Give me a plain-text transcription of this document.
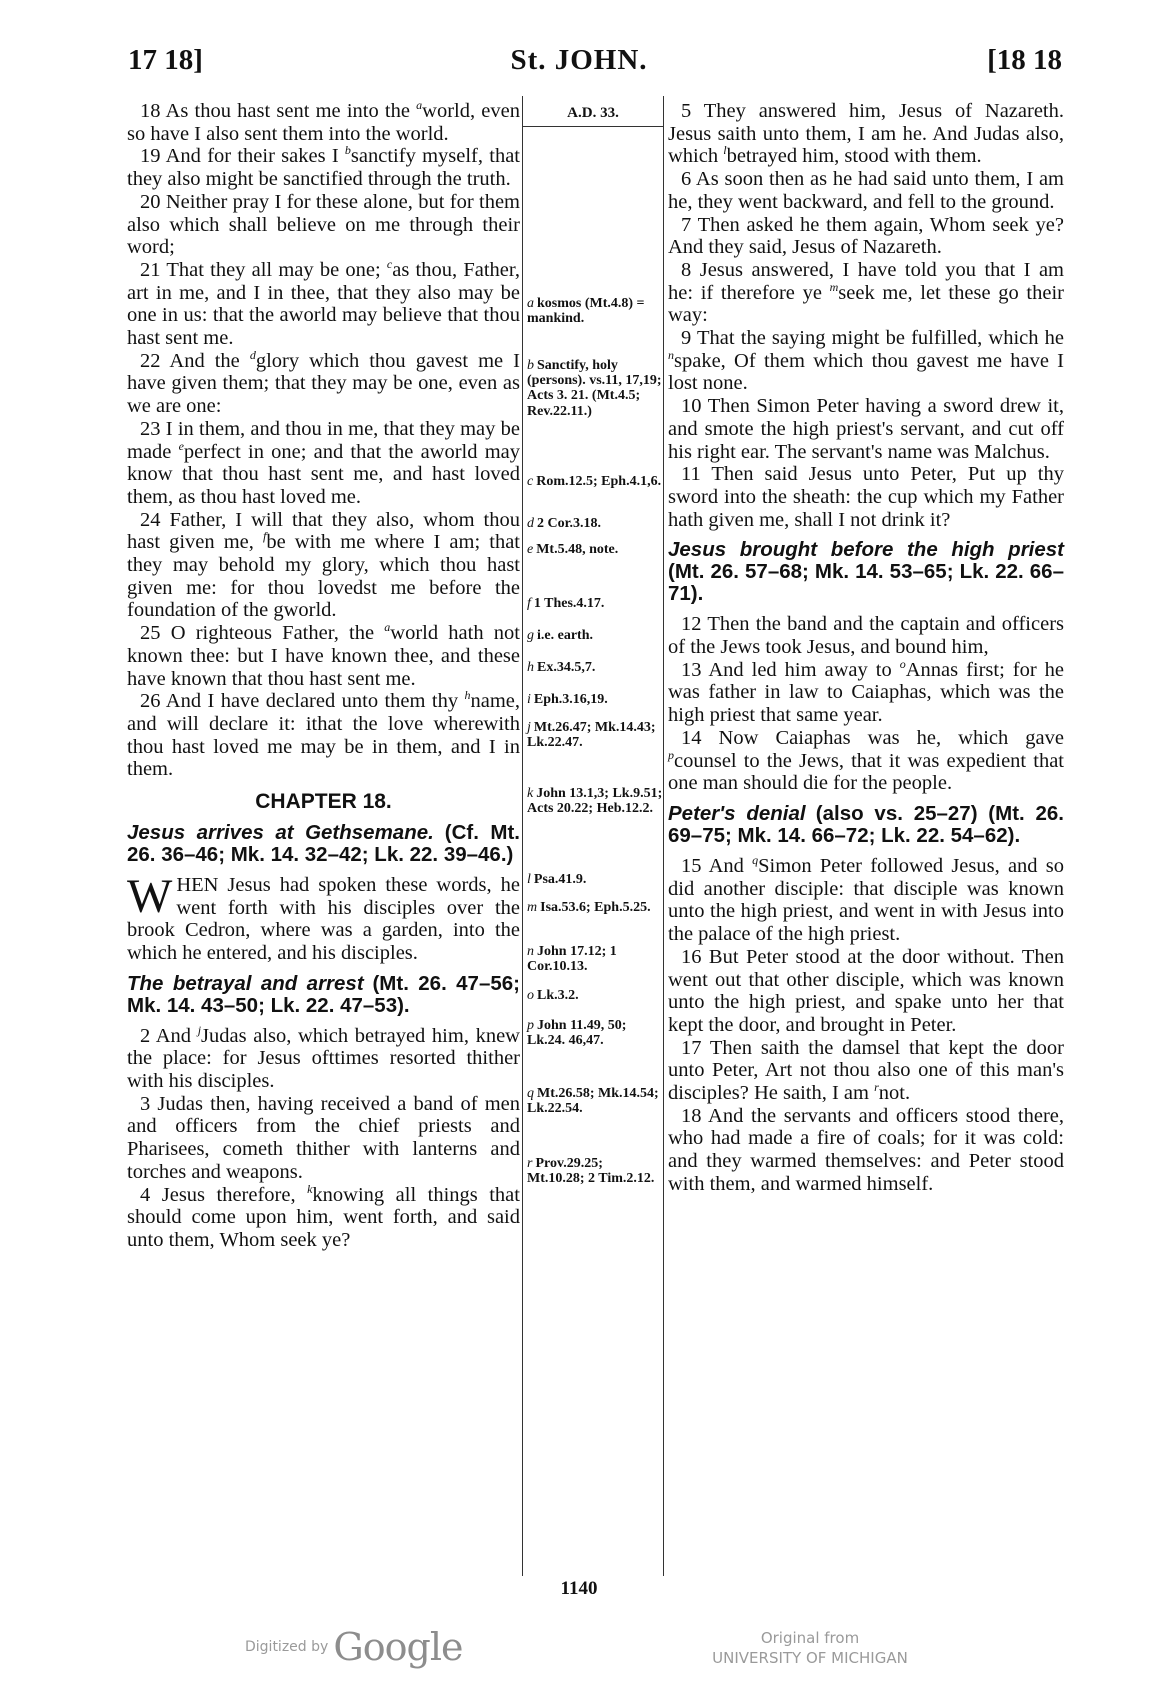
17 18]	St. JOHN.	[18 18

18 As thou hast sent me into the $^a$world, even so have I also sent them into the world.

19 And for their sakes I $^b$sanctify myself, that they also might be sanctified through the truth.

20 Neither pray I for these alone, but for them also which shall believe on me through their word;

21 That they all may be one; $^c$as thou, Father, art in me, and I in thee, that they also may be one in us: that the aworld may believe that thou hast sent me.

22 And the $^d$glory which thou gavest me I have given them; that they may be one, even as we are one:

23 I in them, and thou in me, that they may be made $^e$perfect in one; and that the aworld may know that thou hast sent me, and hast loved them, as thou hast loved me.

24 Father, I will that they also, whom thou hast given me, $^f$be with me where I am; that they may behold my glory, which thou hast given me: for thou lovedst me before the foundation of the gworld.

25 O righteous Father, the $^a$world hath not known thee: but I have known thee, and these have known that thou hast sent me.

26 And I have declared unto them thy $^h$name, and will declare it: ithat the love wherewith thou hast loved me may be in them, and I in them.

CHAPTER 18.
Jesus arrives at Gethsemane. (Cf. Mt. 26. 36–46; Mk. 14. 32–42; Lk. 22. 39–46.)

WHEN Jesus had spoken these words, he went forth with his disciples over the brook Cedron, where was a garden, into the which he entered, and his disciples.

The betrayal and arrest (Mt. 26. 47–56; Mk. 14. 43–50; Lk. 22. 47–53).

2 And $^j$Judas also, which betrayed him, knew the place: for Jesus ofttimes resorted thither with his disciples.

3 Judas then, having received a band of men and officers from the chief priests and Pharisees, cometh thither with lanterns and torches and weapons.

4 Jesus therefore, $^k$knowing all things that should come upon him, went forth, and said unto them, Whom seek ye?

A.D. 33.
a kosmos (Mt.4.8) = mankind.
b Sanctify, holy (persons). vs.11, 17,19; Acts 3. 21. (Mt.4.5; Rev.22.11.)
c Rom.12.5; Eph.4.1,6.
d 2 Cor.3.18.
e Mt.5.48, note.
f 1 Thes.4.17.
g i.e. earth.
h Ex.34.5,7.
i Eph.3.16,19.
j Mt.26.47; Mk.14.43; Lk.22.47.
k John 13.1,3; Lk.9.51; Acts 20.22; Heb.12.2.
l Psa.41.9.
m Isa.53.6; Eph.5.25.
n John 17.12; 1 Cor.10.13.
o Lk.3.2.
p John 11.49, 50; Lk.24. 46,47.
q Mt.26.58; Mk.14.54; Lk.22.54.
r Prov.29.25; Mt.10.28; 2 Tim.2.12.

5 They answered him, Jesus of Nazareth. Jesus saith unto them, I am he. And Judas also, which $^l$betrayed him, stood with them.

6 As soon then as he had said unto them, I am he, they went backward, and fell to the ground.

7 Then asked he them again, Whom seek ye? And they said, Jesus of Nazareth.

8 Jesus answered, I have told you that I am he: if therefore ye $^m$seek me, let these go their way:

9 That the saying might be fulfilled, which he $^n$spake, Of them which thou gavest me have I lost none.

10 Then Simon Peter having a sword drew it, and smote the high priest's servant, and cut off his right ear. The servant's name was Malchus.

11 Then said Jesus unto Peter, Put up thy sword into the sheath: the cup which my Father hath given me, shall I not drink it?

Jesus brought before the high priest (Mt. 26. 57–68; Mk. 14. 53–65; Lk. 22. 66–71).

12 Then the band and the captain and officers of the Jews took Jesus, and bound him,

13 And led him away to $^o$Annas first; for he was father in law to Caiaphas, which was the high priest that same year.

14 Now Caiaphas was he, which gave $^p$counsel to the Jews, that it was expedient that one man should die for the people.

Peter's denial (also vs. 25–27) (Mt. 26. 69–75; Mk. 14. 66–72; Lk. 22. 54–62).

15 And $^q$Simon Peter followed Jesus, and so did another disciple: that disciple was known unto the high priest, and went in with Jesus into the palace of the high priest.

16 But Peter stood at the door without. Then went out that other disciple, which was known unto the high priest, and spake unto her that kept the door, and brought in Peter.

17 Then saith the damsel that kept the door unto Peter, Art not thou also one of this man's disciples? He saith, I am $^r$not.

18 And the servants and officers stood there, who had made a fire of coals; for it was cold: and they warmed themselves: and Peter stood with them, and warmed himself.

1140
Digitized by Google	Original from
UNIVERSITY OF MICHIGAN
